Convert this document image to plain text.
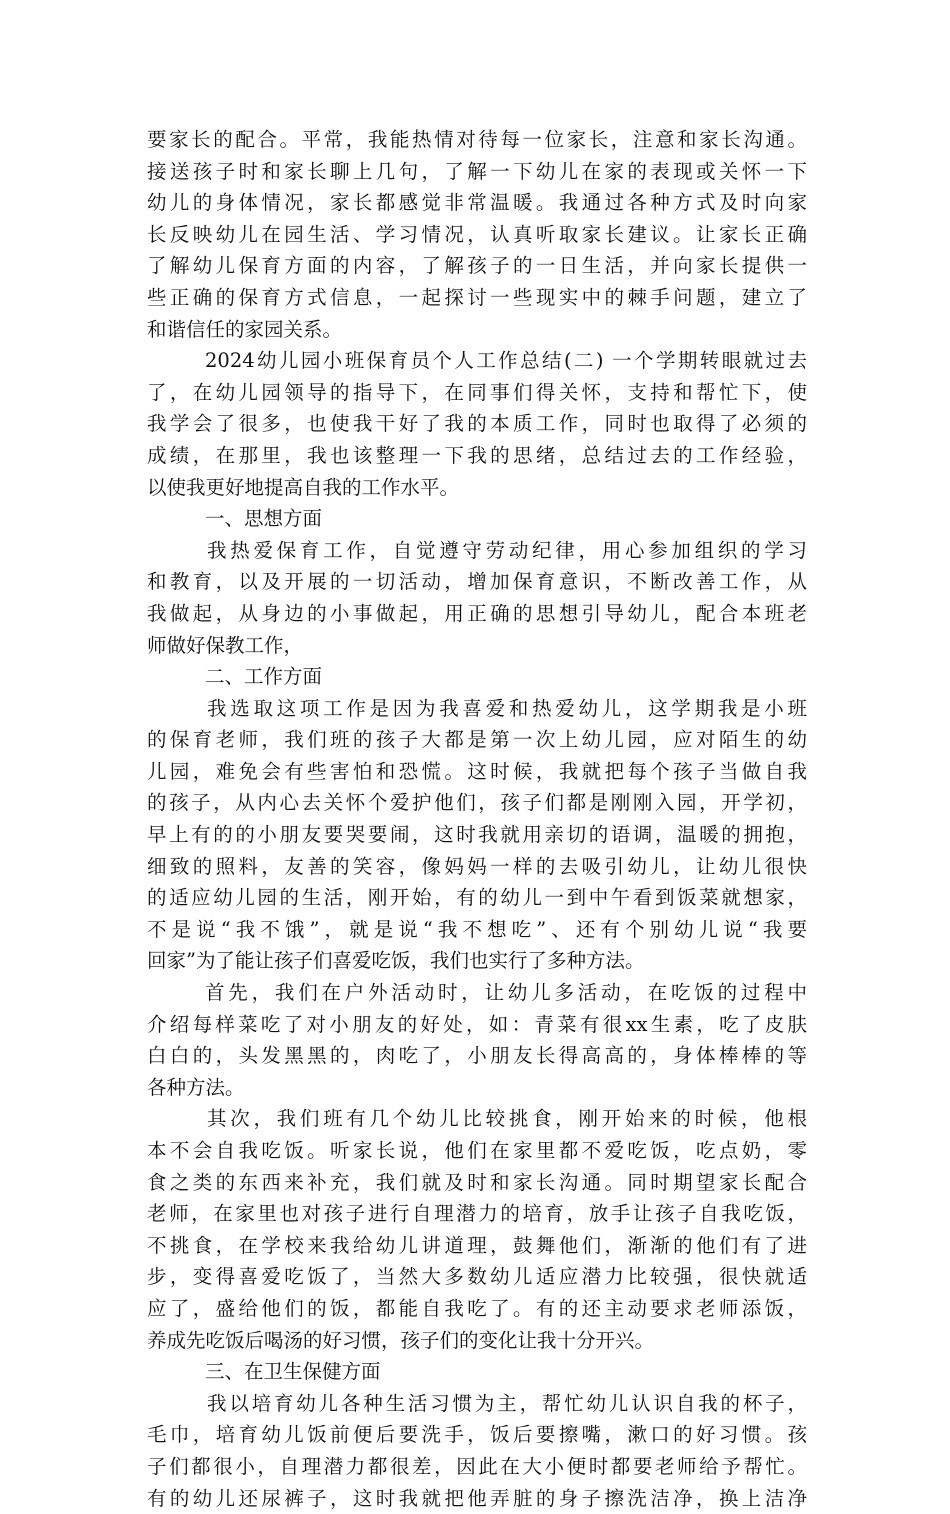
要家长的配合。平常，我能热情对待每一位家长，注意和家长沟通。
接送孩子时和家长聊上几句，了解一下幼儿在家的表现或关怀一下
幼儿的身体情况，家长都感觉非常温暖。我通过各种方式及时向家
长反映幼儿在园生活、学习情况，认真听取家长建议。让家长正确
了解幼儿保育方面的内容，了解孩子的一日生活，并向家长提供一
些正确的保育方式信息，一起探讨一些现实中的棘手问题，建立了
和谐信任的家园关系。
2024幼儿园小班保育员个人工作总结(二) 一个学期转眼就过去
了，在幼儿园领导的指导下，在同事们得关怀，支持和帮忙下，使
我学会了很多，也使我干好了我的本质工作，同时也取得了必须的
成绩，在那里，我也该整理一下我的思绪，总结过去的工作经验，
以使我更好地提高自我的工作水平。
一、思想方面
我热爱保育工作，自觉遵守劳动纪律，用心参加组织的学习
和教育，以及开展的一切活动，增加保育意识，不断改善工作，从
我做起，从身边的小事做起，用正确的思想引导幼儿，配合本班老
师做好保教工作，
二、工作方面
我选取这项工作是因为我喜爱和热爱幼儿，这学期我是小班
的保育老师，我们班的孩子大都是第一次上幼儿园，应对陌生的幼
儿园，难免会有些害怕和恐慌。这时候，我就把每个孩子当做自我
的孩子，从内心去关怀个爱护他们，孩子们都是刚刚入园，开学初，
早上有的的小朋友要哭要闹，这时我就用亲切的语调，温暖的拥抱，
细致的照料，友善的笑容，像妈妈一样的去吸引幼儿，让幼儿很快
的适应幼儿园的生活，刚开始，有的幼儿一到中午看到饭菜就想家，
不是说“我不饿”，就是说“我不想吃”、还有个别幼儿说“我要
回家”为了能让孩子们喜爱吃饭，我们也实行了多种方法。
首先，我们在户外活动时，让幼儿多活动，在吃饭的过程中
介绍每样菜吃了对小朋友的好处，如：青菜有很xx生素，吃了皮肤
白白的，头发黑黑的，肉吃了，小朋友长得高高的，身体棒棒的等
各种方法。
其次，我们班有几个幼儿比较挑食，刚开始来的时候，他根
本不会自我吃饭。听家长说，他们在家里都不爱吃饭，吃点奶，零
食之类的东西来补充，我们就及时和家长沟通。同时期望家长配合
老师，在家里也对孩子进行自理潜力的培育，放手让孩子自我吃饭，
不挑食，在学校来我给幼儿讲道理，鼓舞他们，渐渐的他们有了进
步，变得喜爱吃饭了，当然大多数幼儿适应潜力比较强，很快就适
应了，盛给他们的饭，都能自我吃了。有的还主动要求老师添饭，
养成先吃饭后喝汤的好习惯，孩子们的变化让我十分开兴。
三、在卫生保健方面
我以培育幼儿各种生活习惯为主，帮忙幼儿认识自我的杯子，
毛巾，培育幼儿饭前便后要洗手，饭后要擦嘴，漱口的好习惯。孩
子们都很小，自理潜力都很差，因此在大小便时都要老师给予帮忙。
有的幼儿还尿裤子，这时我就把他弄脏的身子擦洗洁净，换上洁净
